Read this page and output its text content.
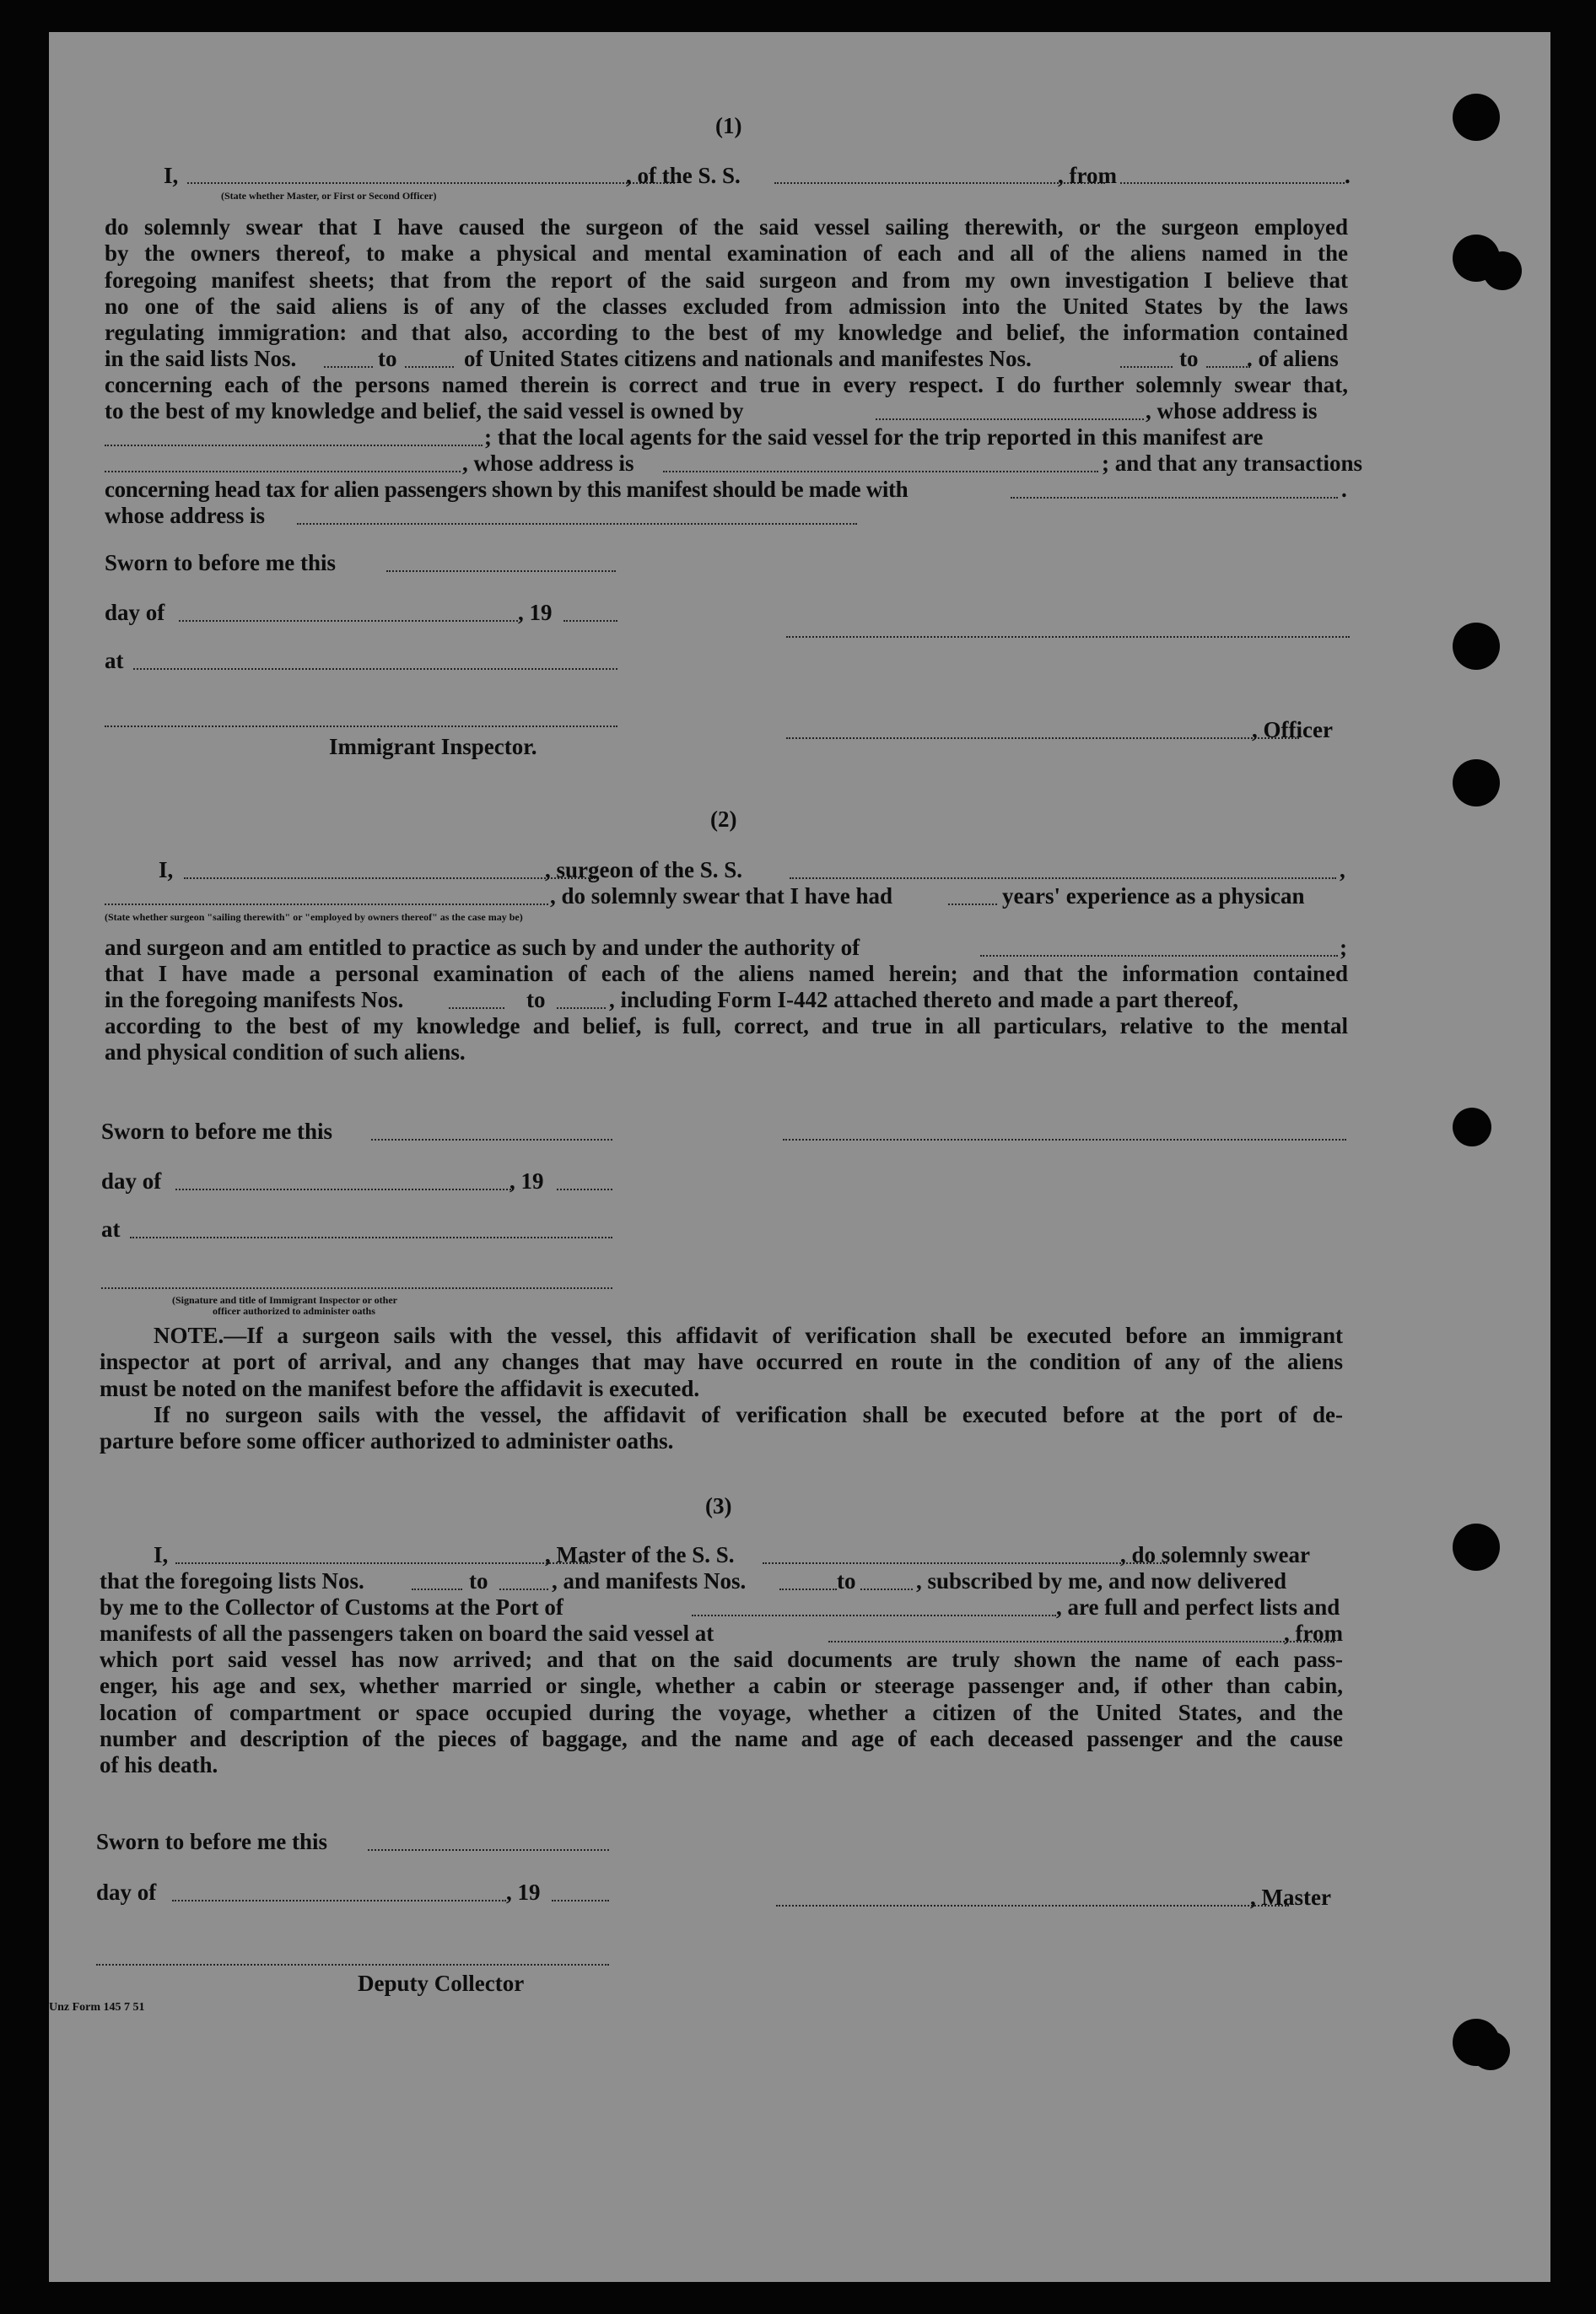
(1)
I,	, of the S. S.	, from	.
(State whether Master, or First or Second Officer)
do solemnly swear that I have caused the surgeon of the said vessel sailing therewith, or the surgeon employed
by the owners thereof, to make a physical and mental examination of each and all of the aliens named in the
foregoing manifest sheets; that from the report of the said surgeon and from my own investigation I believe that
no one of the said aliens is of any of the classes excluded from admission into the United States by the laws
regulating immigration: and that also, according to the best of my knowledge and belief, the information contained
in the said lists Nos.	to	of United States citizens and nationals and manifestes Nos.	to . of aliens
concerning each of the persons named therein is correct and true in every respect. I do further solemnly swear that,
to the best of my knowledge and belief, the said vessel is owned by	, whose address is
; that the local agents for the said vessel for the trip reported in this manifest are
, whose address is	; and that any transactions
concerning head tax for alien passengers shown by this manifest should be made with	.
whose address is
Sworn to before me this
day of	, 19
at
, Officer
Immigrant Inspector.
(2)
I,	, surgeon of the S. S.	,
, do solemnly swear that I have had	years' experience as a physican
(State whether surgeon "sailing therewith" or "employed by owners thereof" as the case may be)
and surgeon and am entitled to practice as such by and under the authority of	;
that I have made a personal examination of each of the aliens named herein; and that the information contained
in the foregoing manifests Nos.	to	, including Form I-442 attached thereto and made a part thereof,
according to the best of my knowledge and belief, is full, correct, and true in all particulars, relative to the mental
and physical condition of such aliens.
Sworn to before me this
day of	, 19
at
(Signature and title of Immigrant Inspector or other
officer authorized to administer oaths
NOTE.—If a surgeon sails with the vessel, this affidavit of verification shall be executed before an immigrant
inspector at port of arrival, and any changes that may have occurred en route in the condition of any of the aliens
must be noted on the manifest before the affidavit is executed.
If no surgeon sails with the vessel, the affidavit of verification shall be executed before at the port of de-
parture before some officer authorized to administer oaths.
(3)
I,	, Master of the S. S.	, do solemnly swear
that the foregoing lists Nos.	to	, and manifests Nos.	to	, subscribed by me, and now delivered
by me to the Collector of Customs at the Port of	, are full and perfect lists and
manifests of all the passengers taken on board the said vessel at	, from
which port said vessel has now arrived; and that on the said documents are truly shown the name of each pass-
enger, his age and sex, whether married or single, whether a cabin or steerage passenger and, if other than cabin,
location of compartment or space occupied during the voyage, whether a citizen of the United States, and the
number and description of the pieces of baggage, and the name and age of each deceased passenger and the cause
of his death.
Sworn to before me this
day of	, 19	, Master
Deputy Collector
Unz Form 145 7 51
